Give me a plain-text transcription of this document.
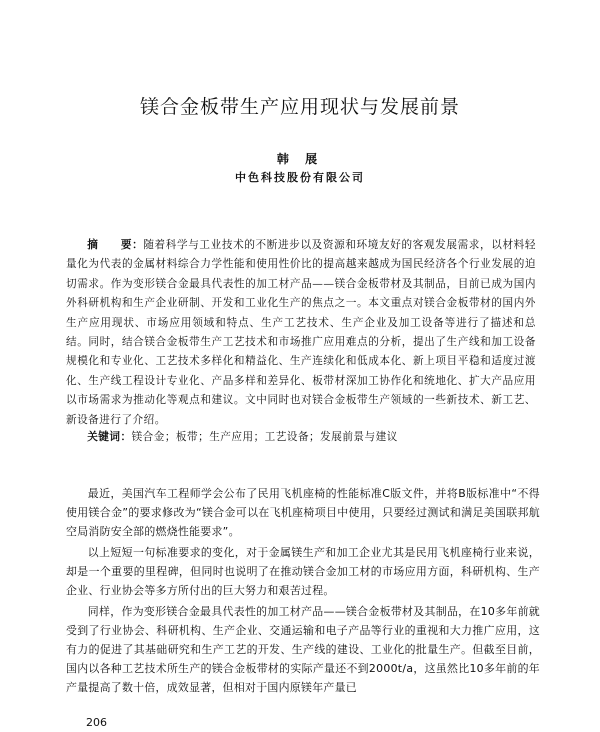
镁合金板带生产应用现状与发展前景
韩 展
中色科技股份有限公司
摘　　要：随着科学与工业技术的不断进步以及资源和环境友好的客观发展需求，以材料轻量化为代表的金属材料综合力学性能和使用性价比的提高越来越成为国民经济各个行业发展的迫切需求。作为变形镁合金最具代表性的加工材产品——镁合金板带材及其制品，目前已成为国内外科研机构和生产企业研制、开发和工业化生产的焦点之一。本文重点对镁合金板带材的国内外生产应用现状、市场应用领域和特点、生产工艺技术、生产企业及加工设备等进行了描述和总结。同时，结合镁合金板带生产工艺技术和市场推广应用难点的分析，提出了生产线和加工设备规模化和专业化、工艺技术多样化和精益化、生产连续化和低成本化、新上项目平稳和适度过渡化、生产线工程设计专业化、产品多样和差异化、板带材深加工协作化和统地化、扩大产品应用以市场需求为推动化等观点和建议。文中同时也对镁合金板带生产领域的一些新技术、新工艺、新设备进行了介绍。
关键词：镁合金；板带；生产应用；工艺设备；发展前景与建议

最近，美国汽车工程师学会公布了民用飞机座椅的性能标准C版文件，并将B版标准中“不得使用镁合金”的要求修改为“镁合金可以在飞机座椅项目中使用，只要经过测试和满足美国联邦航空局消防安全部的燃烧性能要求”。

以上短短一句标准要求的变化，对于金属镁生产和加工企业尤其是民用飞机座椅行业来说，却是一个重要的里程碑，但同时也说明了在推动镁合金加工材的市场应用方面，科研机构、生产企业、行业协会等多方所付出的巨大努力和艰苦过程。

同样，作为变形镁合金最具代表性的加工材产品——镁合金板带材及其制品，在10多年前就受到了行业协会、科研机构、生产企业、交通运输和电子产品等行业的重视和大力推广应用，这有力的促进了其基础研究和生产工艺的开发、生产线的建设、工业化的批量生产。但截至目前，国内以各种工艺技术所生产的镁合金板带材的实际产量还不到2000t/a，这虽然比10多年前的年产量提高了数十倍，成效显著，但相对于国内原镁年产量已

206
